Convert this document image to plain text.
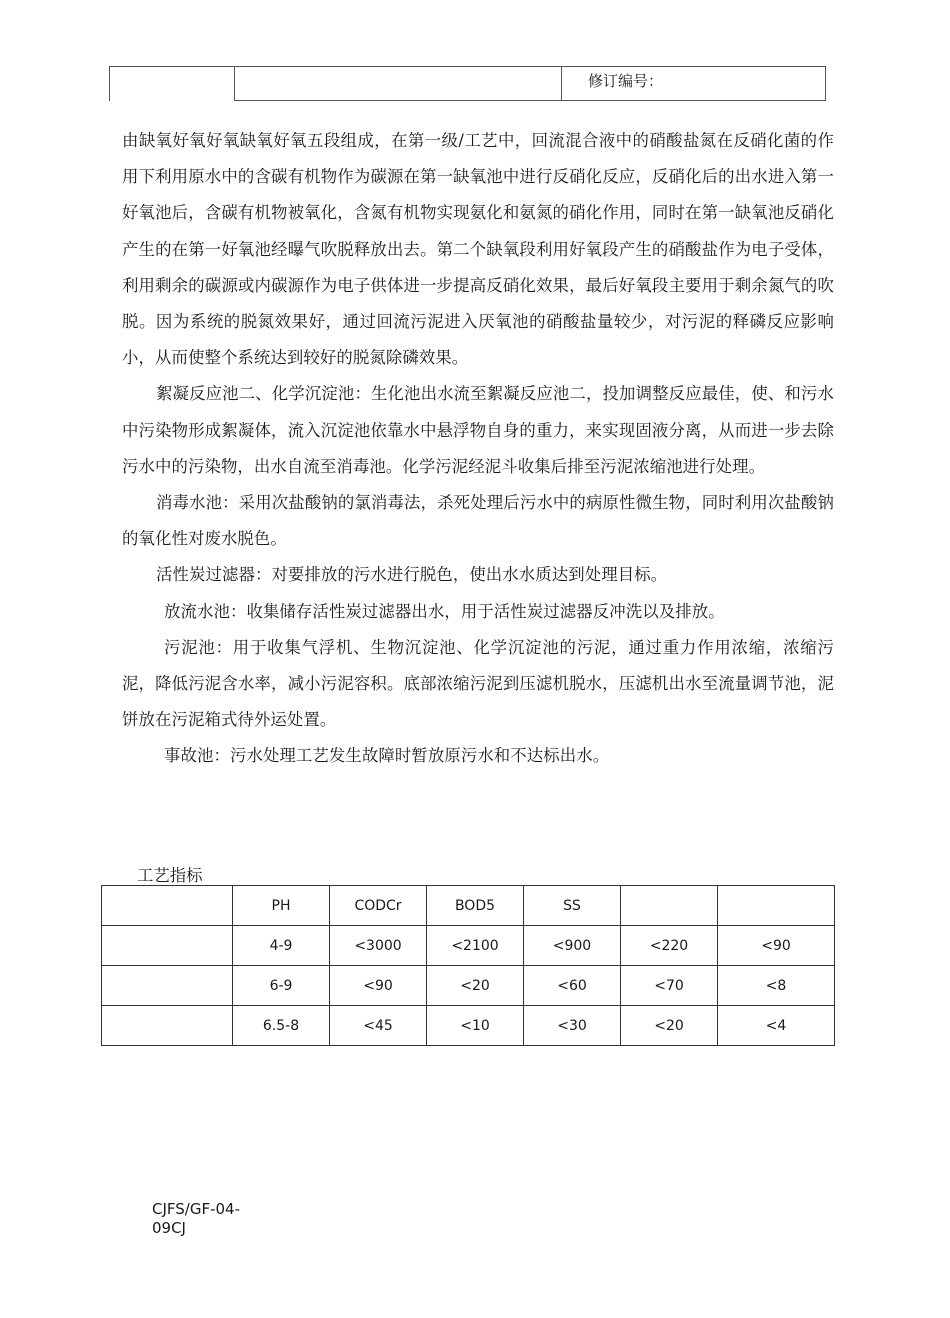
		修订编号：

由缺氧好氧好氧缺氧好氧五段组成，在第一级/工艺中，回流混合液中的硝酸盐氮在反硝化菌的作用下利用原水中的含碳有机物作为碳源在第一缺氧池中进行反硝化反应，反硝化后的出水进入第一好氧池后，含碳有机物被氧化，含氮有机物实现氨化和氨氮的硝化作用，同时在第一缺氧池反硝化产生的在第一好氧池经曝气吹脱释放出去。第二个缺氧段利用好氧段产生的硝酸盐作为电子受体，利用剩余的碳源或内碳源作为电子供体进一步提高反硝化效果，最后好氧段主要用于剩余氮气的吹脱。因为系统的脱氮效果好，通过回流污泥进入厌氧池的硝酸盐量较少，对污泥的释磷反应影响小，从而使整个系统达到较好的脱氮除磷效果。

絮凝反应池二、化学沉淀池：生化池出水流至絮凝反应池二，投加调整反应最佳，使、和污水中污染物形成絮凝体，流入沉淀池依靠水中悬浮物自身的重力，来实现固液分离，从而进一步去除污水中的污染物，出水自流至消毒池。化学污泥经泥斗收集后排至污泥浓缩池进行处理。

消毒水池：采用次盐酸钠的氯消毒法，杀死处理后污水中的病原性微生物，同时利用次盐酸钠的氧化性对废水脱色。

活性炭过滤器：对要排放的污水进行脱色，使出水水质达到处理目标。

放流水池：收集储存活性炭过滤器出水，用于活性炭过滤器反冲洗以及排放。

污泥池：用于收集气浮机、生物沉淀池、化学沉淀池的污泥，通过重力作用浓缩，浓缩污泥，降低污泥含水率，减小污泥容积。底部浓缩污泥到压滤机脱水，压滤机出水至流量调节池，泥饼放在污泥箱式待外运处置。

事故池：污水处理工艺发生故障时暂放原污水和不达标出水。

工艺指标
	PH	CODCr	BOD5	SS		
	4-9	<3000	<2100	<900	<220	<90
	6-9	<90	<20	<60	<70	<8
	6.5-8	<45	<10	<30	<20	<4
CJFS/GF-04-
09CJ
